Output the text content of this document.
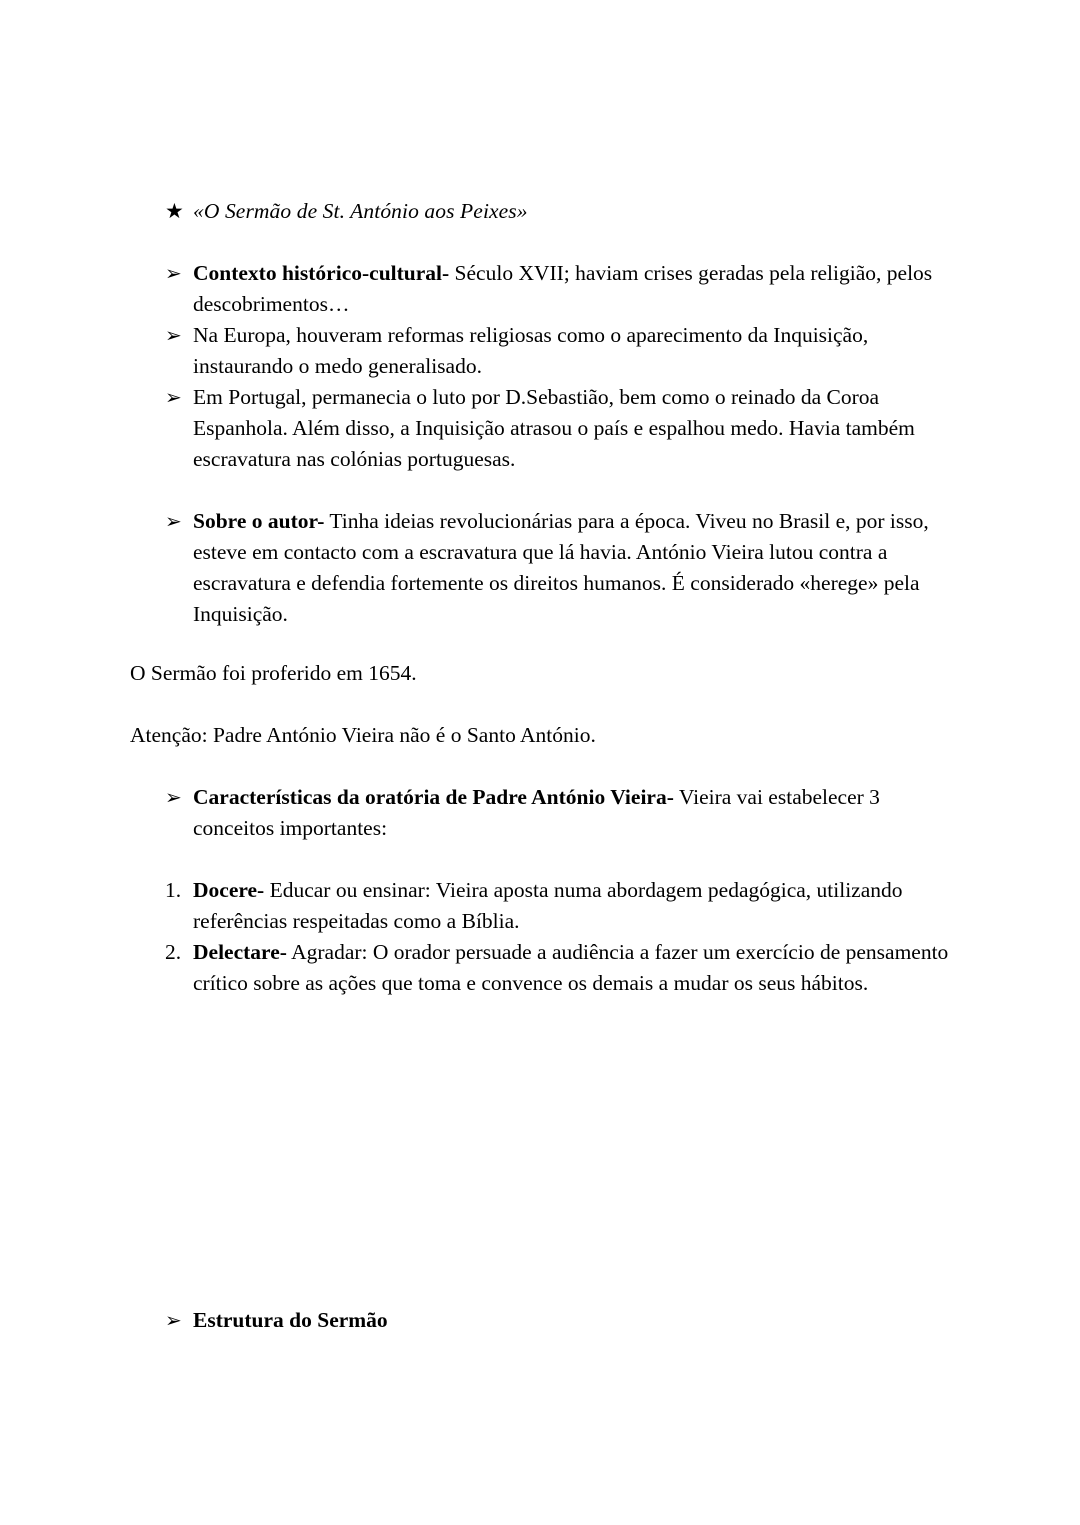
★ «O Sermão de St. António aos Peixes»
➢ Contexto histórico-cultural- Século XVII; haviam crises geradas pela religião, pelos descobrimentos…
➢ Na Europa, houveram reformas religiosas como o aparecimento da Inquisição, instaurando o medo generalisado.
➢ Em Portugal, permanecia o luto por D.Sebastião, bem como o reinado da Coroa Espanhola. Além disso, a Inquisição atrasou o país e espalhou medo. Havia também escravatura nas colónias portuguesas.
➢ Sobre o autor- Tinha ideias revolucionárias para a época. Viveu no Brasil e, por isso, esteve em contacto com a escravatura que lá havia. António Vieira lutou contra a escravatura e defendia fortemente os direitos humanos. É considerado «herege» pela Inquisição.
O Sermão foi proferido em 1654.
Atenção: Padre António Vieira não é o Santo António.
➢ Características da oratória de Padre António Vieira- Vieira vai estabelecer 3 conceitos importantes:
1. Docere- Educar ou ensinar: Vieira aposta numa abordagem pedagógica, utilizando referências respeitadas como a Bíblia.
2. Delectare- Agradar: O orador persuade a audiência a fazer um exercício de pensamento crítico sobre as ações que toma e convence os demais a mudar os seus hábitos.
➢ Estrutura do Sermão
